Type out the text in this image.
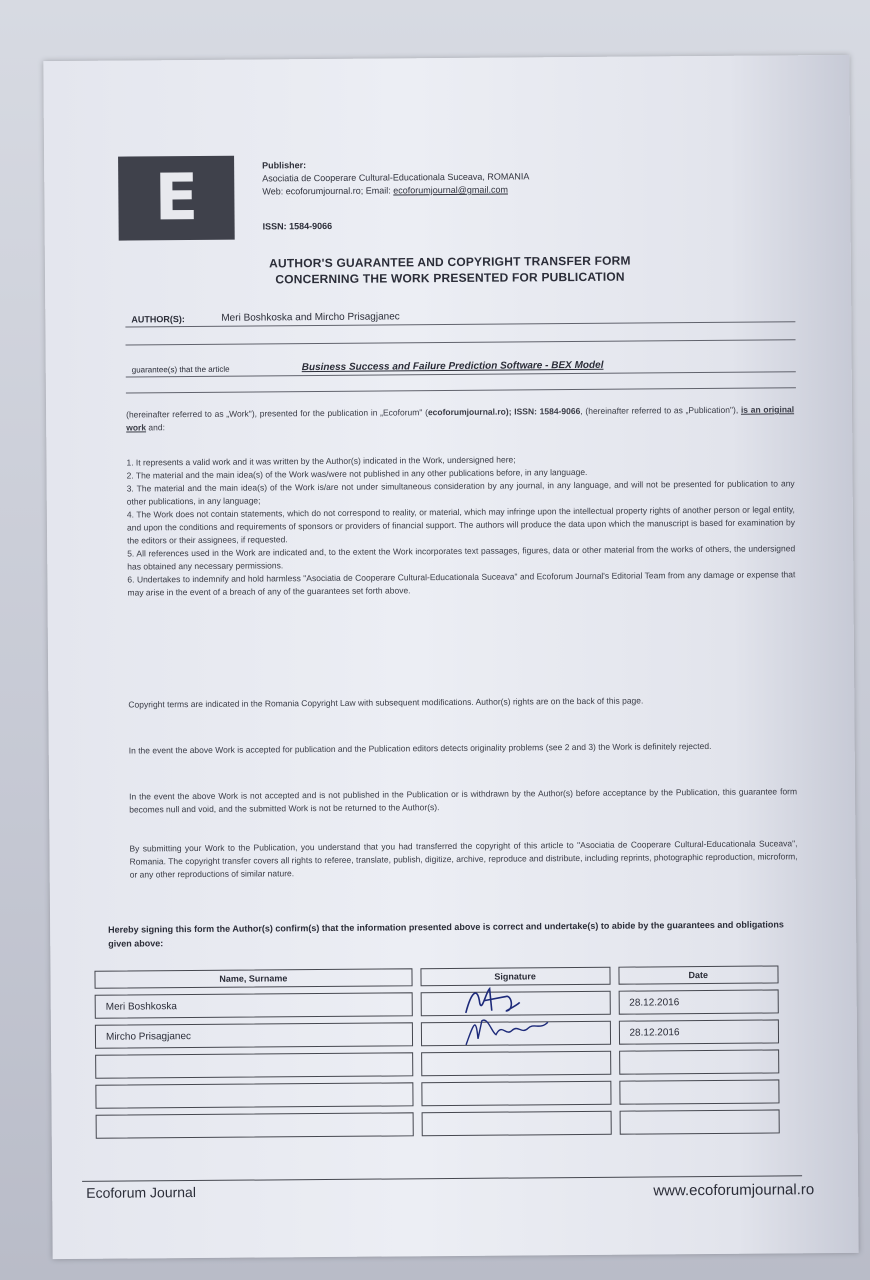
E	Publisher:
Asociatia de Cooperare Cultural-Educationala Suceava, ROMANIA
Web: ecoforumjournal.ro; Email: ecoforumjournal@gmail.com
ISSN: 1584-9066
AUTHOR'S GUARANTEE AND COPYRIGHT TRANSFER FORM
CONCERNING THE WORK PRESENTED FOR PUBLICATION
AUTHOR(S):	Meri Boshkoska and Mircho Prisagjanec
guarantee(s) that the article	Business Success and Failure Prediction Software - BEX Model
(hereinafter referred to as „Work"), presented for the publication in „Ecoforum" (ecoforumjournal.ro); ISSN: 1584-9066, (hereinafter referred to as „Publication"), is an original work and:
1. It represents a valid work and it was written by the Author(s) indicated in the Work, undersigned here;
2. The material and the main idea(s) of the Work was/were not published in any other publications before, in any language.
3. The material and the main idea(s) of the Work is/are not under simultaneous consideration by any journal, in any language, and will not be presented for publication to any other publications, in any language;
4. The Work does not contain statements, which do not correspond to reality, or material, which may infringe upon the intellectual property rights of another person or legal entity, and upon the conditions and requirements of sponsors or providers of financial support. The authors will produce the data upon which the manuscript is based for examination by the editors or their assignees, if requested.
5. All references used in the Work are indicated and, to the extent the Work incorporates text passages, figures, data or other material from the works of others, the undersigned has obtained any necessary permissions.
6. Undertakes to indemnify and hold harmless "Asociatia de Cooperare Cultural-Educationala Suceava" and Ecoforum Journal's Editorial Team from any damage or expense that may arise in the event of a breach of any of the guarantees set forth above.
Copyright terms are indicated in the Romania Copyright Law with subsequent modifications. Author(s) rights are on the back of this page.
In the event the above Work is accepted for publication and the Publication editors detects originality problems (see 2 and 3) the Work is definitely rejected.
In the event the above Work is not accepted and is not published in the Publication or is withdrawn by the Author(s) before acceptance by the Publication, this guarantee form becomes null and void, and the submitted Work is not be returned to the Author(s).
By submitting your Work to the Publication, you understand that you had transferred the copyright of this article to "Asociatia de Cooperare Cultural-Educationala Suceava", Romania. The copyright transfer covers all rights to referee, translate, publish, digitize, archive, reproduce and distribute, including reprints, photographic reproduction, microform, or any other reproductions of similar nature.
Hereby signing this form the Author(s) confirm(s) that the information presented above is correct and undertake(s) to abide by the guarantees and obligations given above:
Name, Surname	Signature	Date
Meri Boshkoska		28.12.2016
Mircho Prisagjanec		28.12.2016

Ecoforum Journal	www.ecoforumjournal.ro
